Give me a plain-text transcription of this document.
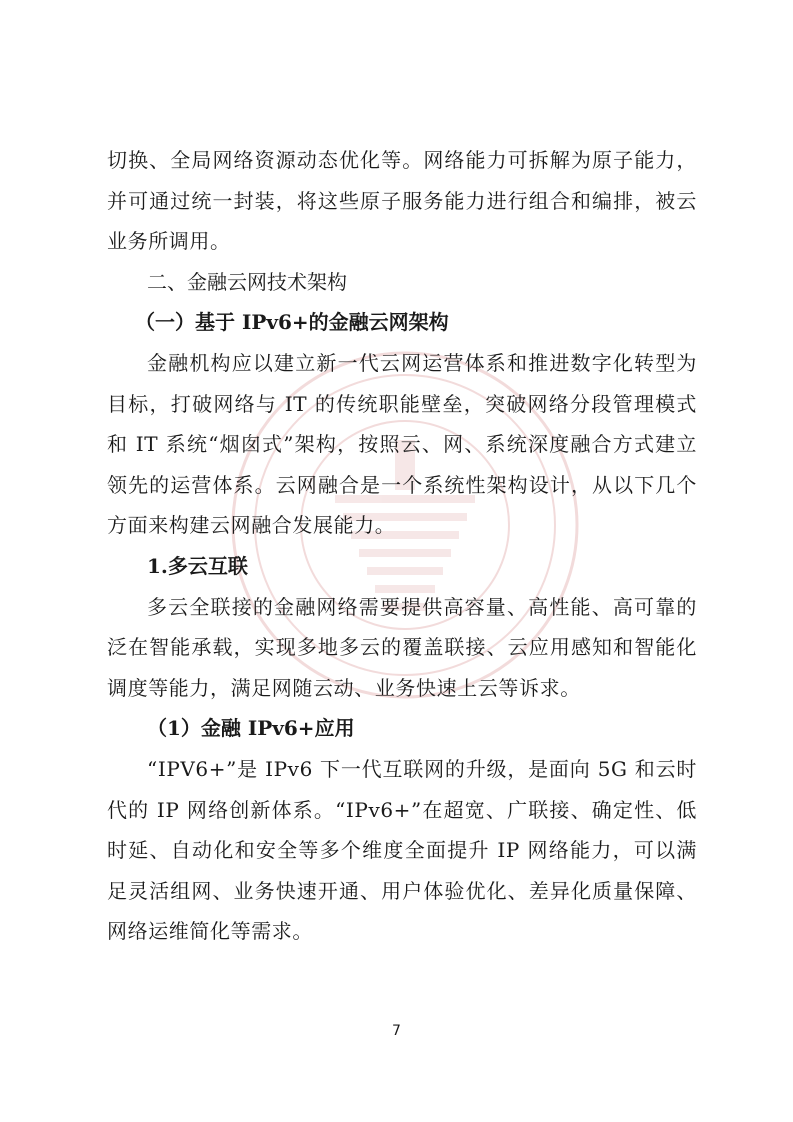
切换、全局网络资源动态优化等。网络能力可拆解为原子能力，并可通过统一封装，将这些原子服务能力进行组合和编排，被云业务所调用。

二、金融云网技术架构
（一）基于 IPv6+的金融云网架构

金融机构应以建立新一代云网运营体系和推进数字化转型为目标，打破网络与 IT 的传统职能壁垒，突破网络分段管理模式和 IT 系统“烟囱式”架构，按照云、网、系统深度融合方式建立领先的运营体系。云网融合是一个系统性架构设计，从以下几个方面来构建云网融合发展能力。

1.多云互联

多云全联接的金融网络需要提供高容量、高性能、高可靠的泛在智能承载，实现多地多云的覆盖联接、云应用感知和智能化调度等能力，满足网随云动、业务快速上云等诉求。

（1）金融 IPv6+应用

“IPV6+”是 IPv6 下一代互联网的升级，是面向 5G 和云时代的 IP 网络创新体系。“IPv6+”在超宽、广联接、确定性、低时延、自动化和安全等多个维度全面提升 IP 网络能力，可以满足灵活组网、业务快速开通、用户体验优化、差异化质量保障、网络运维简化等需求。

7
